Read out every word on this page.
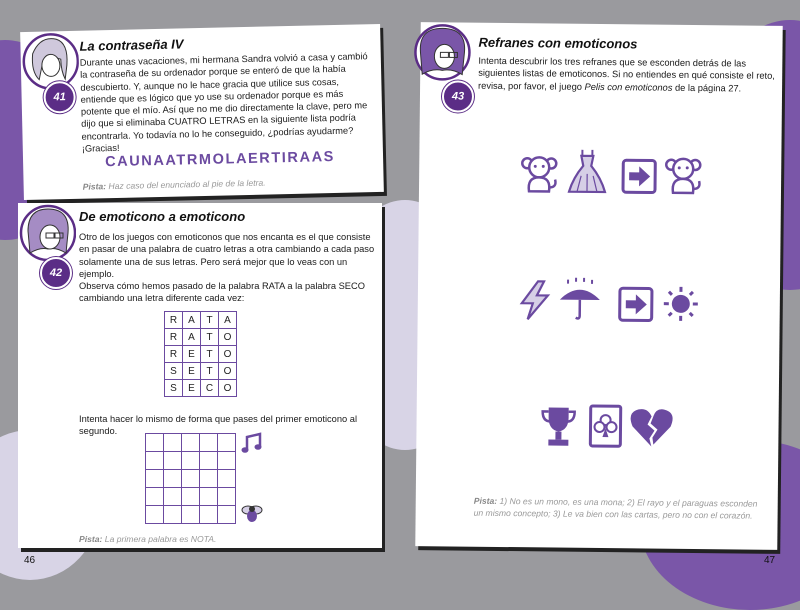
41
La contraseña IV
Durante unas vacaciones, mi hermana Sandra volvió a casa y cambió la contraseña de su ordenador porque se enteró de que la había descubierto. Y, aunque no le hace gracia que utilice sus cosas, entiende que es lógico que yo use su ordenador porque es más potente que el mío. Así que no me dio directamente la clave, pero me dijo que si eliminaba CUATRO LETRAS en la siguiente lista podría encontrarla. Yo todavía no lo he conseguido, ¿podrías ayudarme? ¡Gracias!
CAUNAATRMOLAERTIRAAS
Pista: Haz caso del enunciado al pie de la letra.
42
De emoticono a emoticono
Otro de los juegos con emoticonos que nos encanta es el que consiste en pasar de una palabra de cuatro letras a otra cambiando a cada paso solamente una de sus letras. Pero será mejor que lo veas con un ejemplo.
Observa cómo hemos pasado de la palabra RATA a la palabra SECO cambiando una letra diferente cada vez:
R	A	T	A
R	A	T	O
R	E	T	O
S	E	T	O
S	E	C	O
Intenta hacer lo mismo de forma que pases del primer emoticono al segundo.

Pista: La primera palabra es NOTA.
43
Refranes con emoticonos
Intenta descubrir los tres refranes que se esconden detrás de las siguientes listas de emoticonos. Si no entiendes en qué consiste el reto, revisa, por favor, el juego Pelis con emoticonos de la página 27.
Pista: 1) No es un mono, es una mona; 2) El rayo y el paraguas esconden un mismo concepto; 3) Le va bien con las cartas, pero no con el corazón.
46	47
